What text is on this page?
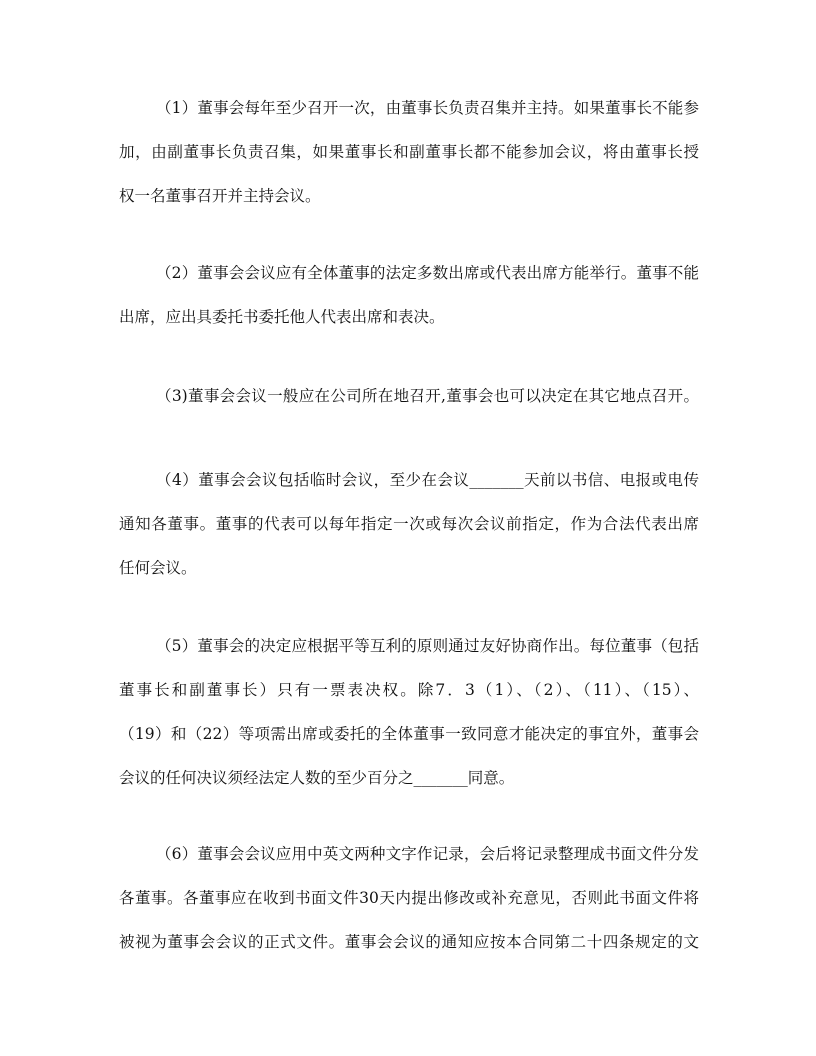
（1）董事会每年至少召开一次，由董事长负责召集并主持。如果董事长不能参
加，由副董事长负责召集，如果董事长和副董事长都不能参加会议，将由董事长授
权一名董事召开并主持会议。
（2）董事会会议应有全体董事的法定多数出席或代表出席方能举行。董事不能
出席，应出具委托书委托他人代表出席和表决。
（3)董事会会议一般应在公司所在地召开,董事会也可以决定在其它地点召开。
（4）董事会会议包括临时会议，至少在会议_______天前以书信、电报或电传
通知各董事。董事的代表可以每年指定一次或每次会议前指定，作为合法代表出席
任何会议。
（5）董事会的决定应根据平等互利的原则通过友好协商作出。每位董事（包括
董事长和副董事长）只有一票表决权。除7．3（1）、（2）、（11）、（15）、
（19）和（22）等项需出席或委托的全体董事一致同意才能决定的事宜外，董事会
会议的任何决议须经法定人数的至少百分之_______同意。
（6）董事会会议应用中英文两种文字作记录，会后将记录整理成书面文件分发
各董事。各董事应在收到书面文件30天内提出修改或补充意见，否则此书面文件将
被视为董事会会议的正式文件。董事会会议的通知应按本合同第二十四条规定的文
